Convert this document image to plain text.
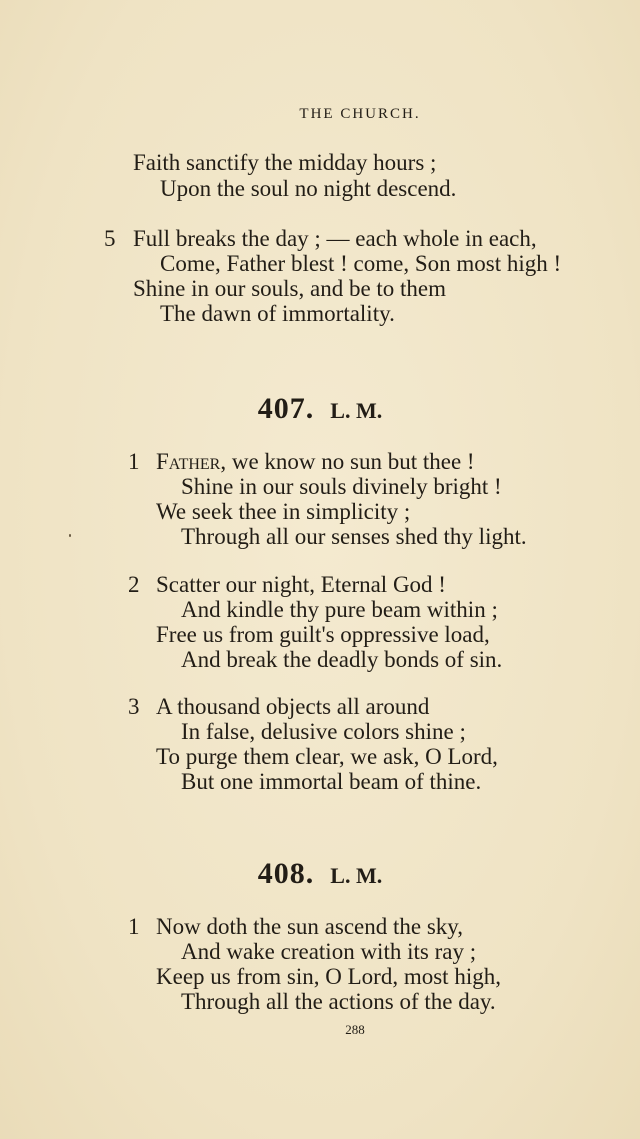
THE CHURCH.
Faith sanctify the midday hours ;
Upon the soul no night descend.
5 Full breaks the day ; — each whole in each,
Come, Father blest ! come, Son most high !
Shine in our souls, and be to them
The dawn of immortality.
407. L. M.
1 Father, we know no sun but thee !
Shine in our souls divinely bright !
We seek thee in simplicity ;
Through all our senses shed thy light.
2 Scatter our night, Eternal God !
And kindle thy pure beam within ;
Free us from guilt's oppressive load,
And break the deadly bonds of sin.
3 A thousand objects all around
In false, delusive colors shine ;
To purge them clear, we ask, O Lord,
But one immortal beam of thine.
408. L. M.
1 Now doth the sun ascend the sky,
And wake creation with its ray ;
Keep us from sin, O Lord, most high,
Through all the actions of the day.
288
